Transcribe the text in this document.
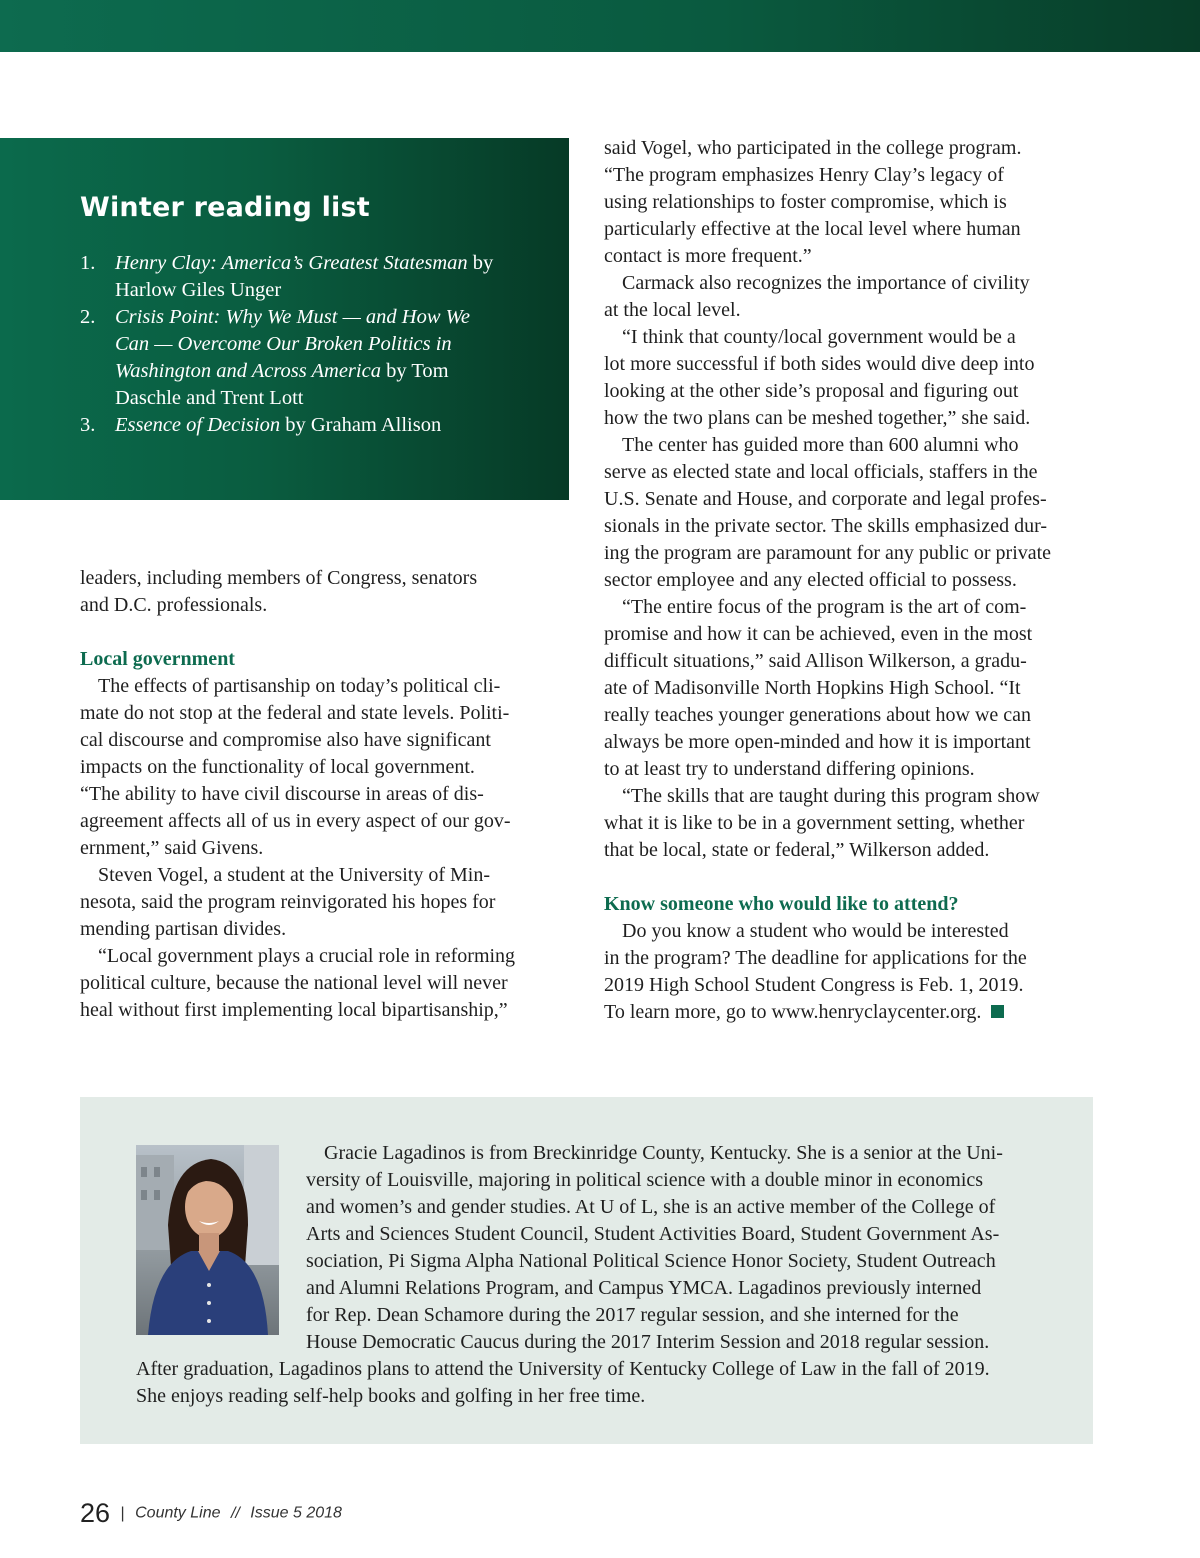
Winter reading list
1. Henry Clay: America’s Greatest Statesman by
Harlow Giles Unger
2. Crisis Point: Why We Must — and How We
Can — Overcome Our Broken Politics in
Washington and Across America by Tom
Daschle and Trent Lott
3. Essence of Decision by Graham Allison

leaders, including members of Congress, senators
and D.C. professionals.

Local government

The effects of partisanship on today’s political cli-
mate do not stop at the federal and state levels. Politi-
cal discourse and compromise also have significant
impacts on the functionality of local government.
“The ability to have civil discourse in areas of dis-
agreement affects all of us in every aspect of our gov-
ernment,” said Givens.

Steven Vogel, a student at the University of Min-
nesota, said the program reinvigorated his hopes for
mending partisan divides.

“Local government plays a crucial role in reforming
political culture, because the national level will never
heal without first implementing local bipartisanship,”

said Vogel, who participated in the college program.
“The program emphasizes Henry Clay’s legacy of
using relationships to foster compromise, which is
particularly effective at the local level where human
contact is more frequent.”

Carmack also recognizes the importance of civility
at the local level.

“I think that county/local government would be a
lot more successful if both sides would dive deep into
looking at the other side’s proposal and figuring out
how the two plans can be meshed together,” she said.

The center has guided more than 600 alumni who
serve as elected state and local officials, staffers in the
U.S. Senate and House, and corporate and legal profes-
sionals in the private sector. The skills emphasized dur-
ing the program are paramount for any public or private
sector employee and any elected official to possess.

“The entire focus of the program is the art of com-
promise and how it can be achieved, even in the most
difficult situations,” said Allison Wilkerson, a gradu-
ate of Madisonville North Hopkins High School. “It
really teaches younger generations about how we can
always be more open-minded and how it is important
to at least try to understand differing opinions.

“The skills that are taught during this program show
what it is like to be in a government setting, whether
that be local, state or federal,” Wilkerson added.

Know someone who would like to attend?

Do you know a student who would be interested
in the program? The deadline for applications for the
2019 High School Student Congress is Feb. 1, 2019.
To learn more, go to www.henryclaycenter.org.

Gracie Lagadinos is from Breckinridge County, Kentucky. She is a senior at the Uni-
versity of Louisville, majoring in political science with a double minor in economics
and women’s and gender studies. At U of L, she is an active member of the College of
Arts and Sciences Student Council, Student Activities Board, Student Government As-
sociation, Pi Sigma Alpha National Political Science Honor Society, Student Outreach
and Alumni Relations Program, and Campus YMCA. Lagadinos previously interned
for Rep. Dean Schamore during the 2017 regular session, and she interned for the
House Democratic Caucus during the 2017 Interim Session and 2018 regular session.
After graduation, Lagadinos plans to attend the University of Kentucky College of Law in the fall of 2019.
She enjoys reading self-help books and golfing in her free time.
26 | County Line // Issue 5 2018
